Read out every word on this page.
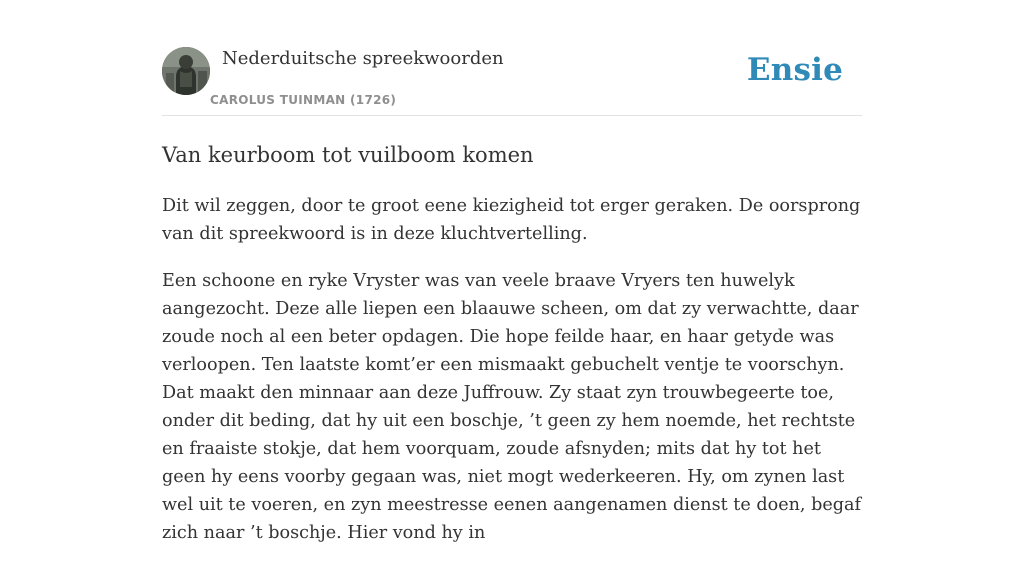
Nederduitsche spreekwoorden
CAROLUS TUINMAN (1726)
Ensie
Van keurboom tot vuilboom komen

Dit wil zeggen, door te groot eene kiezigheid tot erger geraken. De oorsprong van dit spreekwoord is in deze kluchtvertelling.

Een schoone en ryke Vryster was van veele braave Vryers ten huwelyk aangezocht. Deze alle liepen een blaauwe scheen, om dat zy verwachtte, daar zoude noch al een beter opdagen. Die hope feilde haar, en haar getyde was verloopen. Ten laatste komt’er een mismaakt gebuchelt ventje te voorschyn. Dat maakt den minnaar aan deze Juffrouw. Zy staat zyn trouwbegeerte toe, onder dit beding, dat hy uit een boschje, ’t geen zy hem noemde, het rechtste en fraaiste stokje, dat hem voorquam, zoude afsnyden; mits dat hy tot het geen hy eens voorby gegaan was, niet mogt wederkeeren. Hy, om zynen last wel uit te voeren, en zyn meestresse eenen aangenamen dienst te doen, begaf zich naar ’t boschje. Hier vond hy in
